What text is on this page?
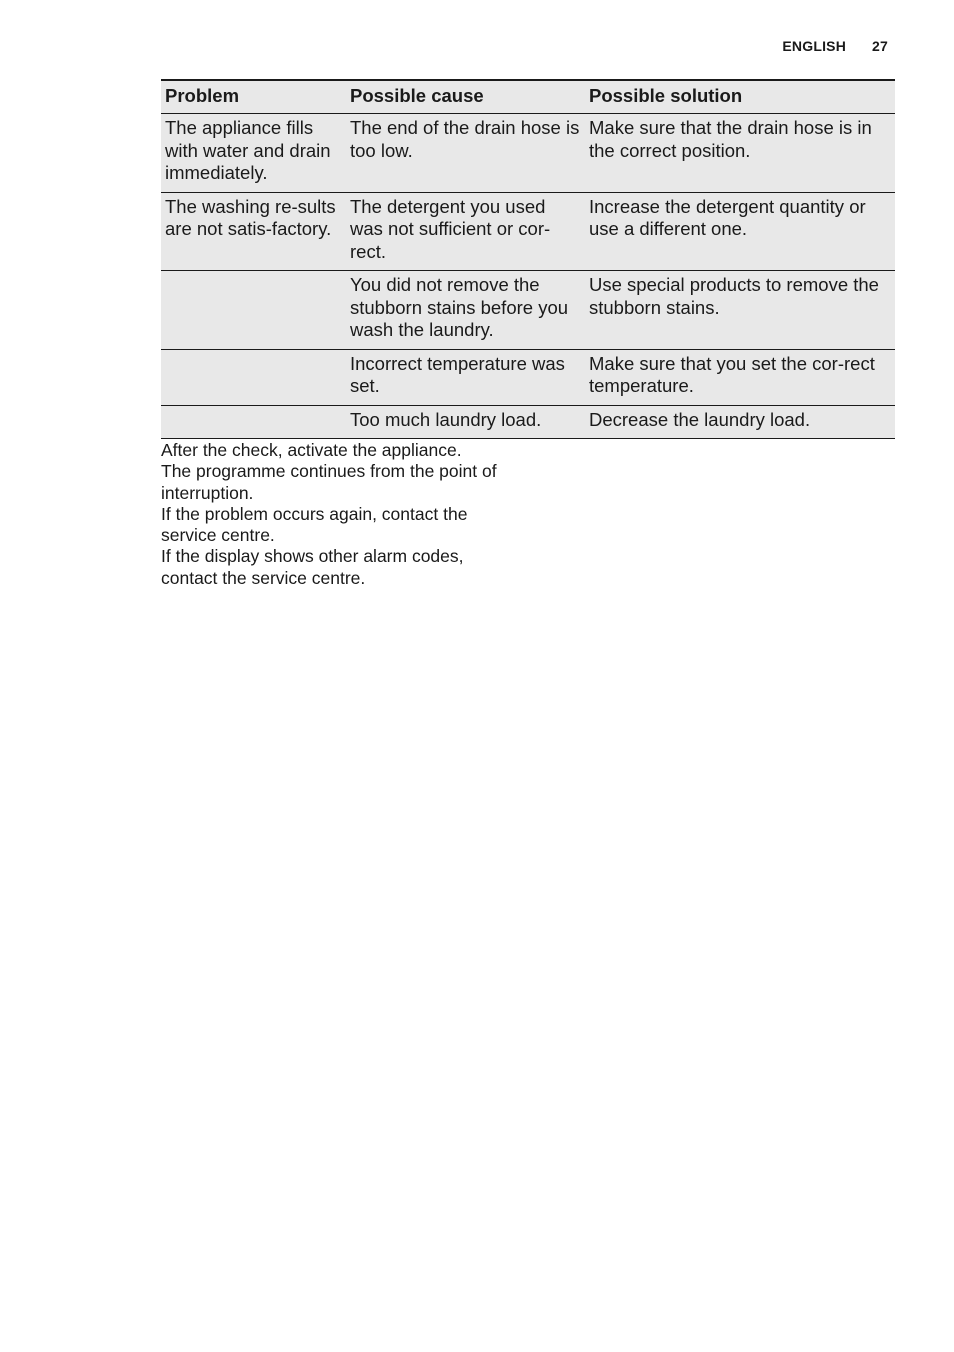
ENGLISH 27
Problem	Possible cause	Possible solution
The appliance fills with water and drain immediately.	The end of the drain hose is too low.	Make sure that the drain hose is in the correct position.
The washing re-sults are not satis-factory.	The detergent you used was not sufficient or cor-rect.	Increase the detergent quantity or use a different one.
	You did not remove the stubborn stains before you wash the laundry.	Use special products to remove the stubborn stains.
	Incorrect temperature was set.	Make sure that you set the cor-rect temperature.
	Too much laundry load.	Decrease the laundry load.

After the check, activate the appliance.

The programme continues from the point of interruption.

If the problem occurs again, contact the service centre.

If the display shows other alarm codes, contact the service centre.
